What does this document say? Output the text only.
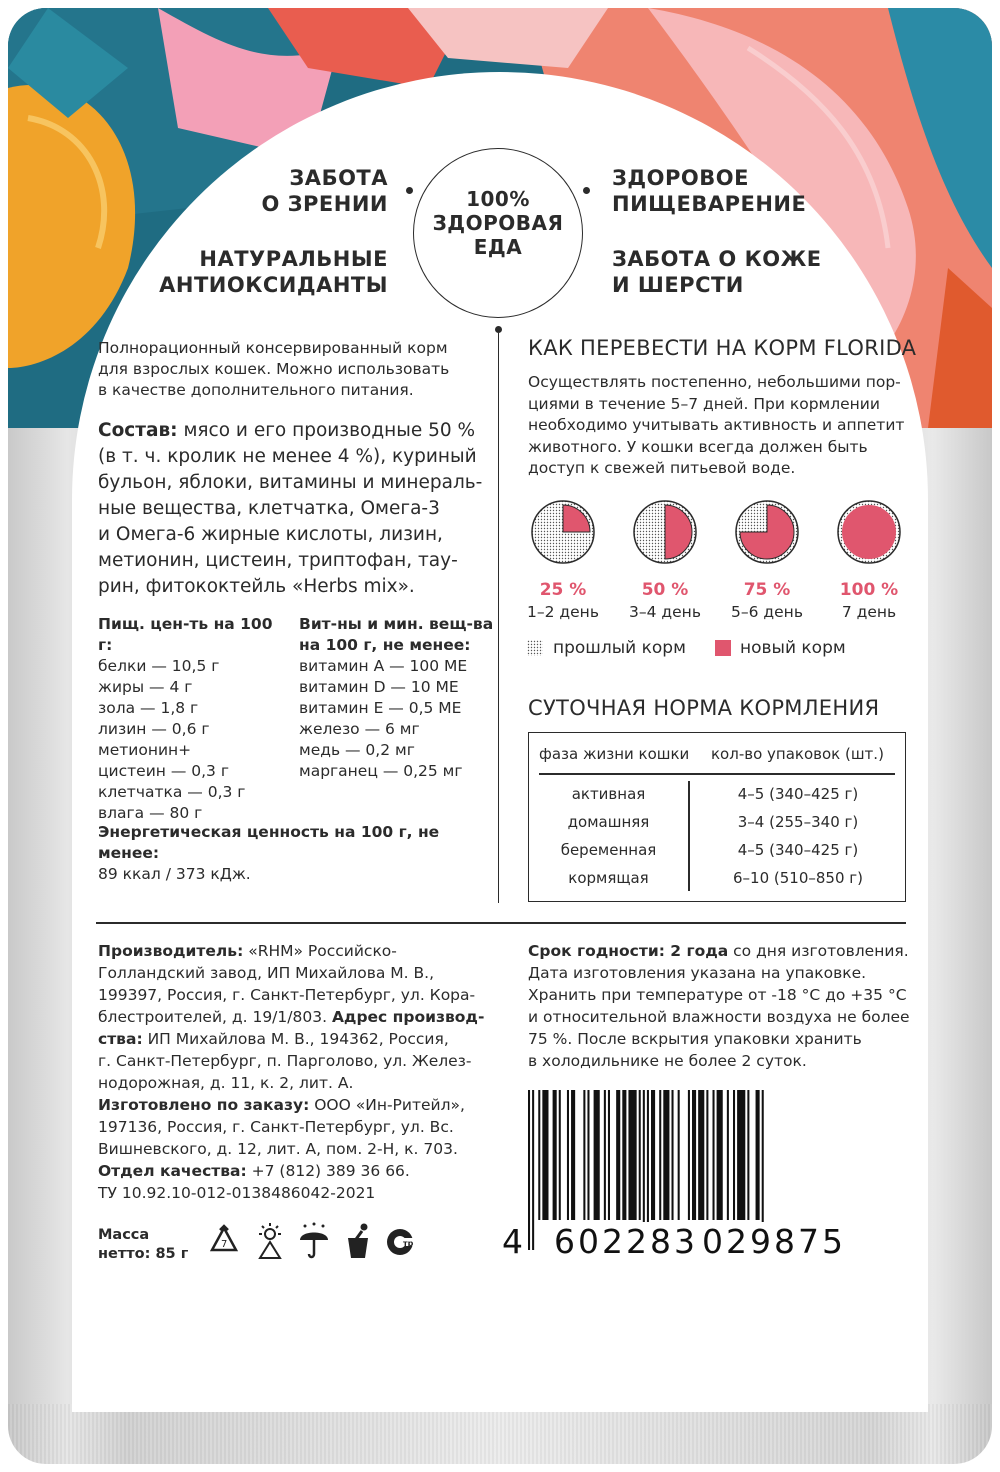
ЗАБОТА
О ЗРЕНИИ
НАТУРАЛЬНЫЕ
АНТИОКСИДАНТЫ
ЗДОРОВОЕ
ПИЩЕВАРЕНИЕ
ЗАБОТА О КОЖЕ
И ШЕРСТИ
100%
ЗДОРОВАЯ
ЕДА
Полнорационный консервированный корм
для взрослых кошек. Можно использовать
в качестве дополнительного питания.
Состав: мясо и его производные 50 %
(в т. ч. кролик не менее 4 %), куриный
бульон, яблоки, витамины и минераль-
ные вещества, клетчатка, Омега-3
и Омега-6 жирные кислоты, лизин,
метионин, цистеин, триптофан, тау-
рин, фитококтейль «Herbs mix».
Пищ. цен-ть на 100 г:
белки — 10,5 г
жиры — 4 г
зола — 1,8 г
лизин — 0,6 г
метионин+
цистеин — 0,3 г
клетчатка — 0,3 г
влага — 80 г
Вит-ны и мин. вещ-ва
на 100 г, не менее:
витамин А — 100 МЕ
витамин D — 10 МЕ
витамин Е — 0,5 МЕ
железо — 6 мг
медь — 0,2 мг
марганец — 0,25 мг
Энергетическая ценность на 100 г, не менее:
89 ккал / 373 кДж.
КАК ПЕРЕВЕСТИ НА КОРМ FLORIDA
Осуществлять постепенно, небольшими пор-
циями в течение 5–7 дней. При кормлении
необходимо учитывать активность и аппетит
животного. У кошки всегда должен быть
доступ к свежей питьевой воде.
25 %
1–2 день
50 %
3–4 день
75 %
5–6 день
100 %
7 день
прошлый корм	новый корм
СУТОЧНАЯ НОРМА КОРМЛЕНИЯ
фаза жизни кошки кол-во упаковок (шт.)
активная	4–5 (340–425 г)
домашняя	3–4 (255–340 г)
беременная	4–5 (340–425 г)
кормящая	6–10 (510–850 г)
Производитель: «RHM» Российско-
Голландский завод, ИП Михайлова М. В.,
199397, Россия, г. Санкт-Петербург, ул. Кора-
блестроителей, д. 19/1/803. Адрес производ-
ства: ИП Михайлова М. В., 194362, Россия,
г. Санкт-Петербург, п. Парголово, ул. Желез-
нодорожная, д. 11, к. 2, лит. А.
Изготовлено по заказу: ООО «Ин-Ритейл»,
197136, Россия, г. Санкт-Петербург, ул. Вс.
Вишневского, д. 12, лит. А, пом. 2-Н, к. 703.
Отдел качества: +7 (812) 389 36 66.
ТУ 10.92.10-012-0138486042-2021
Срок годности: 2 года со дня изготовления.
Дата изготовления указана на упаковке.
Хранить при температуре от -18 °C до +35 °C
и относительной влажности воздуха не более
75 %. После вскрытия упаковки хранить
в холодильнике не более 2 суток.
Масса
нетто: 85 г
7	тр	4 602283 029875
